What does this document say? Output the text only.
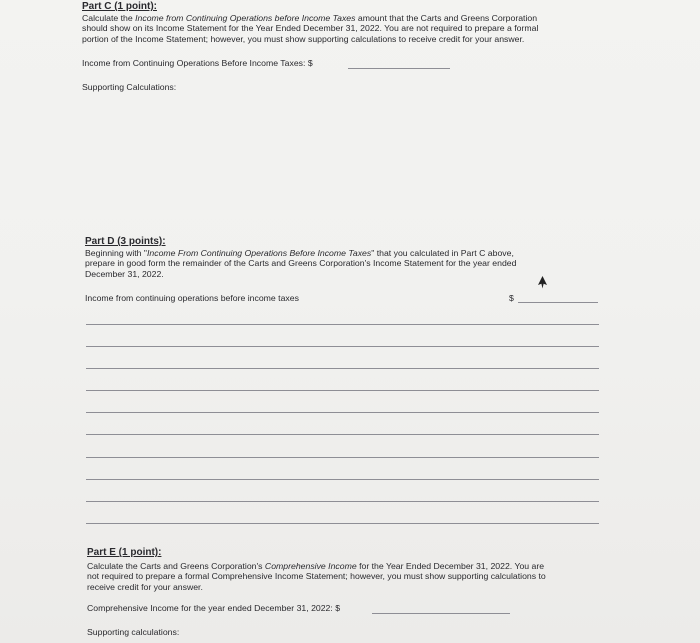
Part C (1 point):
Calculate the Income from Continuing Operations before Income Taxes amount that the Carts and Greens Corporation
should show on its Income Statement for the Year Ended December 31, 2022. You are not required to prepare a formal
portion of the Income Statement; however, you must show supporting calculations to receive credit for your answer.
Income from Continuing Operations Before Income Taxes: $
Supporting Calculations:
Part D (3 points):
Beginning with "Income From Continuing Operations Before Income Taxes" that you calculated in Part C above,
prepare in good form the remainder of the Carts and Greens Corporation's Income Statement for the year ended
December 31, 2022.
Income from continuing operations before income taxes	$
Part E (1 point):
Calculate the Carts and Greens Corporation's Comprehensive Income for the Year Ended December 31, 2022. You are
not required to prepare a formal Comprehensive Income Statement; however, you must show supporting calculations to
receive credit for your answer.
Comprehensive Income for the year ended December 31, 2022: $
Supporting calculations:
